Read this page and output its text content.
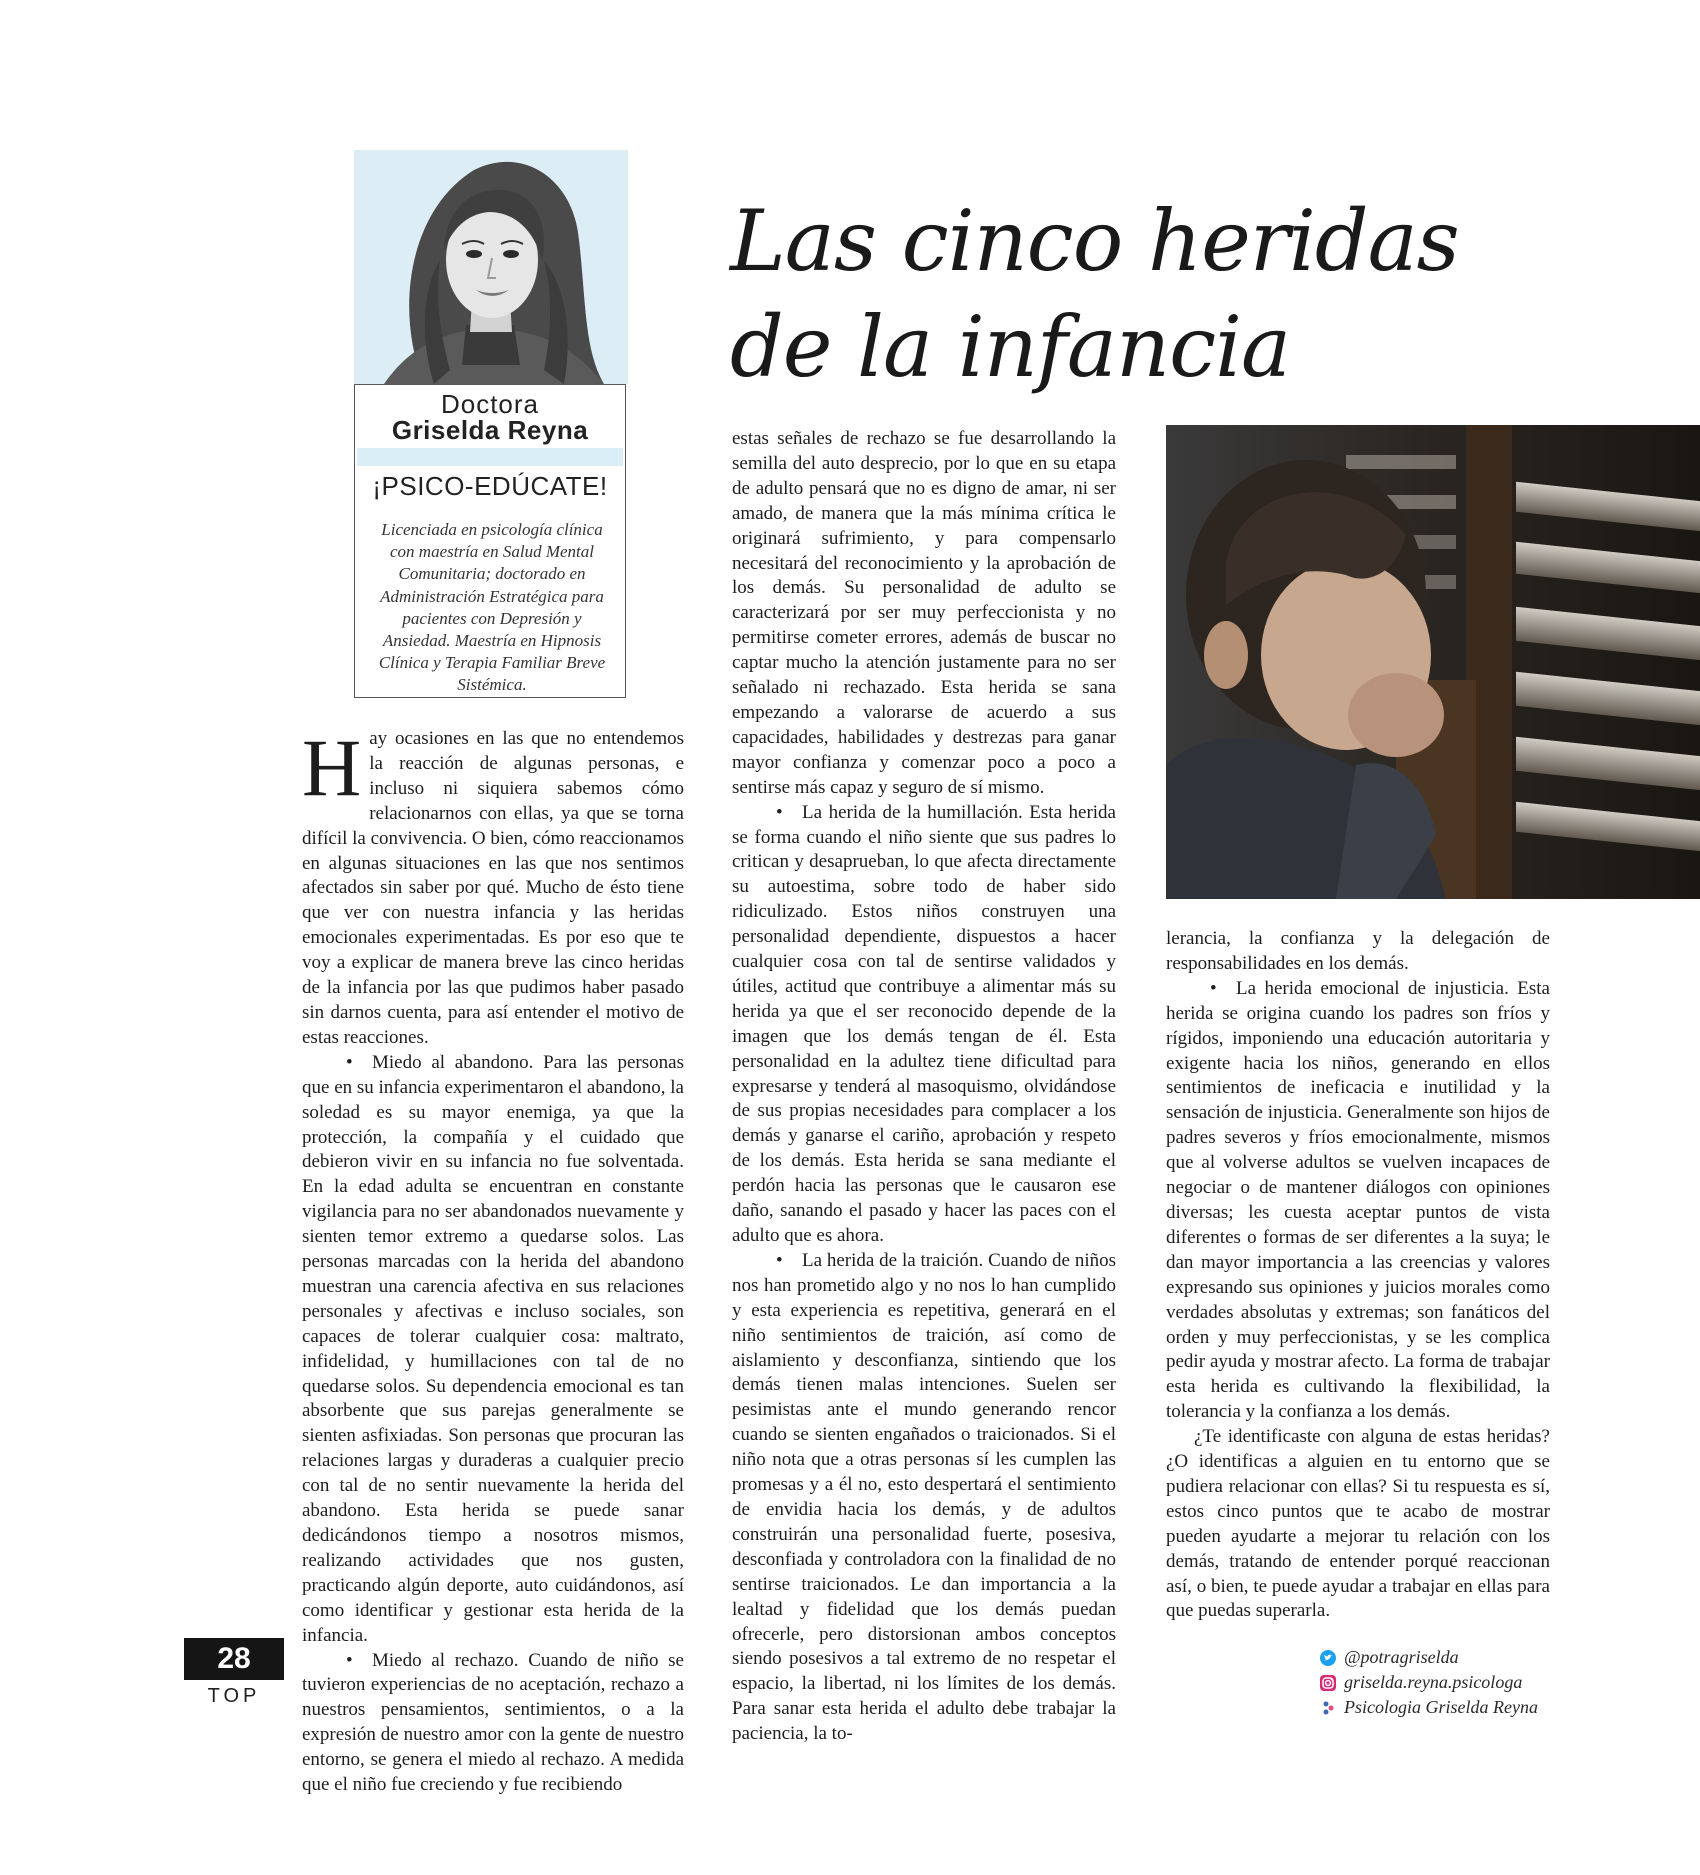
Doctora
Griselda Reyna
¡PSICO-EDÚCATE!
Licenciada en psicología clínica con maestría en Salud Mental Comunitaria; doctorado en Administración Estratégica para pacientes con Depresión y Ansiedad. Maestría en Hipnosis Clínica y Terapia Familiar Breve Sistémica.
Las cinco heridas
de la infancia

Hay ocasiones en las que no entendemos la reacción de algunas personas, e incluso ni siquiera sabemos cómo relacionarnos con ellas, ya que se torna difícil la convivencia. O bien, cómo reaccionamos en algunas situaciones en las que nos sentimos afectados sin saber por qué. Mucho de ésto tiene que ver con nuestra infancia y las heridas emocionales experimentadas. Es por eso que te voy a explicar de manera breve las cinco heridas de la infancia por las que pudimos haber pasado sin darnos cuenta, para así entender el motivo de estas reacciones.

• Miedo al abandono. Para las personas que en su infancia experimentaron el abandono, la soledad es su mayor enemiga, ya que la protección, la compañía y el cuidado que debieron vivir en su infancia no fue solventada. En la edad adulta se encuentran en constante vigilancia para no ser abandonados nuevamente y sienten temor extremo a quedarse solos. Las personas marcadas con la herida del abandono muestran una carencia afectiva en sus relaciones personales y afectivas e incluso sociales, son capaces de tolerar cualquier cosa: maltrato, infidelidad, y humillaciones con tal de no quedarse solos. Su dependencia emocional es tan absorbente que sus parejas generalmente se sienten asfixiadas. Son personas que procuran las relaciones largas y duraderas a cualquier precio con tal de no sentir nuevamente la herida del abandono. Esta herida se puede sanar dedicándonos tiempo a nosotros mismos, realizando actividades que nos gusten, practicando algún deporte, auto cuidándonos, así como identificar y gestionar esta herida de la infancia.

• Miedo al rechazo. Cuando de niño se tuvieron experiencias de no aceptación, rechazo a nuestros pensamientos, sentimientos, o a la expresión de nuestro amor con la gente de nuestro entorno, se genera el miedo al rechazo. A medida que el niño fue creciendo y fue recibiendo

estas señales de rechazo se fue desarrollando la semilla del auto desprecio, por lo que en su etapa de adulto pensará que no es digno de amar, ni ser amado, de manera que la más mínima crítica le originará sufrimiento, y para compensarlo necesitará del reconocimiento y la aprobación de los demás. Su personalidad de adulto se caracterizará por ser muy perfeccionista y no permitirse cometer errores, además de buscar no captar mucho la atención justamente para no ser señalado ni rechazado. Esta herida se sana empezando a valorarse de acuerdo a sus capacidades, habilidades y destrezas para ganar mayor confianza y comenzar poco a poco a sentirse más capaz y seguro de sí mismo.

• La herida de la humillación. Esta herida se forma cuando el niño siente que sus padres lo critican y desaprueban, lo que afecta directamente su autoestima, sobre todo de haber sido ridiculizado. Estos niños construyen una personalidad dependiente, dispuestos a hacer cualquier cosa con tal de sentirse validados y útiles, actitud que contribuye a alimentar más su herida ya que el ser reconocido depende de la imagen que los demás tengan de él. Esta personalidad en la adultez tiene dificultad para expresarse y tenderá al masoquismo, olvidándose de sus propias necesidades para complacer a los demás y ganarse el cariño, aprobación y respeto de los demás. Esta herida se sana mediante el perdón hacia las personas que le causaron ese daño, sanando el pasado y hacer las paces con el adulto que es ahora.

• La herida de la traición. Cuando de niños nos han prometido algo y no nos lo han cumplido y esta experiencia es repetitiva, generará en el niño sentimientos de traición, así como de aislamiento y desconfianza, sintiendo que los demás tienen malas intenciones. Suelen ser pesimistas ante el mundo generando rencor cuando se sienten engañados o traicionados. Si el niño nota que a otras personas sí les cumplen las promesas y a él no, esto despertará el sentimiento de envidia hacia los demás, y de adultos construirán una personalidad fuerte, posesiva, desconfiada y controladora con la finalidad de no sentirse traicionados. Le dan importancia a la lealtad y fidelidad que los demás puedan ofrecerle, pero distorsionan ambos conceptos siendo posesivos a tal extremo de no respetar el espacio, la libertad, ni los límites de los demás. Para sanar esta herida el adulto debe trabajar la paciencia, la to-

lerancia, la confianza y la delegación de responsabilidades en los demás.

• La herida emocional de injusticia. Esta herida se origina cuando los padres son fríos y rígidos, imponiendo una educación autoritaria y exigente hacia los niños, generando en ellos sentimientos de ineficacia e inutilidad y la sensación de injusticia. Generalmente son hijos de padres severos y fríos emocionalmente, mismos que al volverse adultos se vuelven incapaces de negociar o de mantener diálogos con opiniones diversas; les cuesta aceptar puntos de vista diferentes o formas de ser diferentes a la suya; le dan mayor importancia a las creencias y valores expresando sus opiniones y juicios morales como verdades absolutas y extremas; son fanáticos del orden y muy perfeccionistas, y se les complica pedir ayuda y mostrar afecto. La forma de trabajar esta herida es cultivando la flexibilidad, la tolerancia y la confianza a los demás.

¿Te identificaste con alguna de estas heridas? ¿O identificas a alguien en tu entorno que se pudiera relacionar con ellas? Si tu respuesta es sí, estos cinco puntos que te acabo de mostrar pueden ayudarte a mejorar tu relación con los demás, tratando de entender porqué reaccionan así, o bien, te puede ayudar a trabajar en ellas para que puedas superarla.

@potragriselda
griselda.reyna.psicologa
Psicologia Griselda Reyna
28
TOP
